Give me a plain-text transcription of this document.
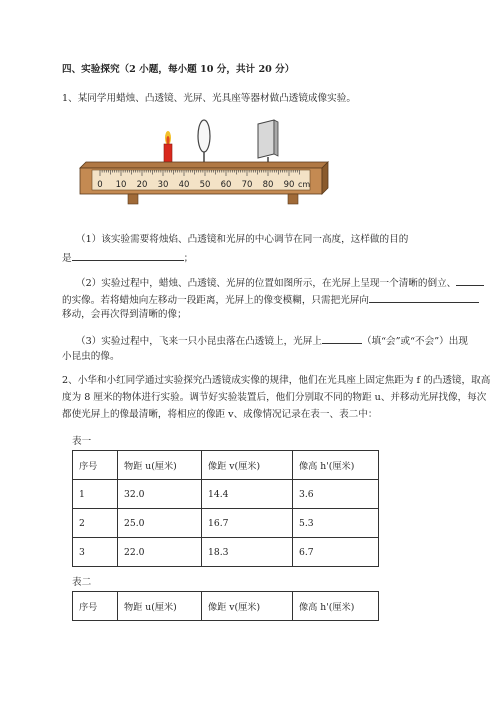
四、实验探究（2 小题，每小题 10 分，共计 20 分）
1、某同学用蜡烛、凸透镜、光屏、光具座等器材做凸透镜成像实验。
0 10 20 30 40 50 60 70 80 90 cm
（1）该实验需要将烛焰、凸透镜和光屏的中心调节在同一高度，这样做的目的
是	；
（2）实验过程中，蜡烛、凸透镜、光屏的位置如图所示，在光屏上呈现一个清晰的倒立、
的实像。若将蜡烛向左移动一段距离，光屏上的像变模糊，只需把光屏向
移动，会再次得到清晰的像；
（3）实验过程中，飞来一只小昆虫落在凸透镜上，光屏上	（填“会”或“不会”）出现
小昆虫的像。
2、小华和小红同学通过实验探究凸透镜成实像的规律，他们在光具座上固定焦距为 f 的凸透镜，取高
度为 8 厘米的物体进行实验。调节好实验装置后，他们分别取不同的物距 u、并移动光屏找像，每次
都使光屏上的像最清晰，将相应的像距 v、成像情况记录在表一、表二中：
表一
序号	物距 u(厘米)	像距 v(厘米)	像高 h'(厘米)
1	32.0	14.4	3.6
2	25.0	16.7	5.3
3	22.0	18.3	6.7
表二
序号	物距 u(厘米)	像距 v(厘米)	像高 h'(厘米)
